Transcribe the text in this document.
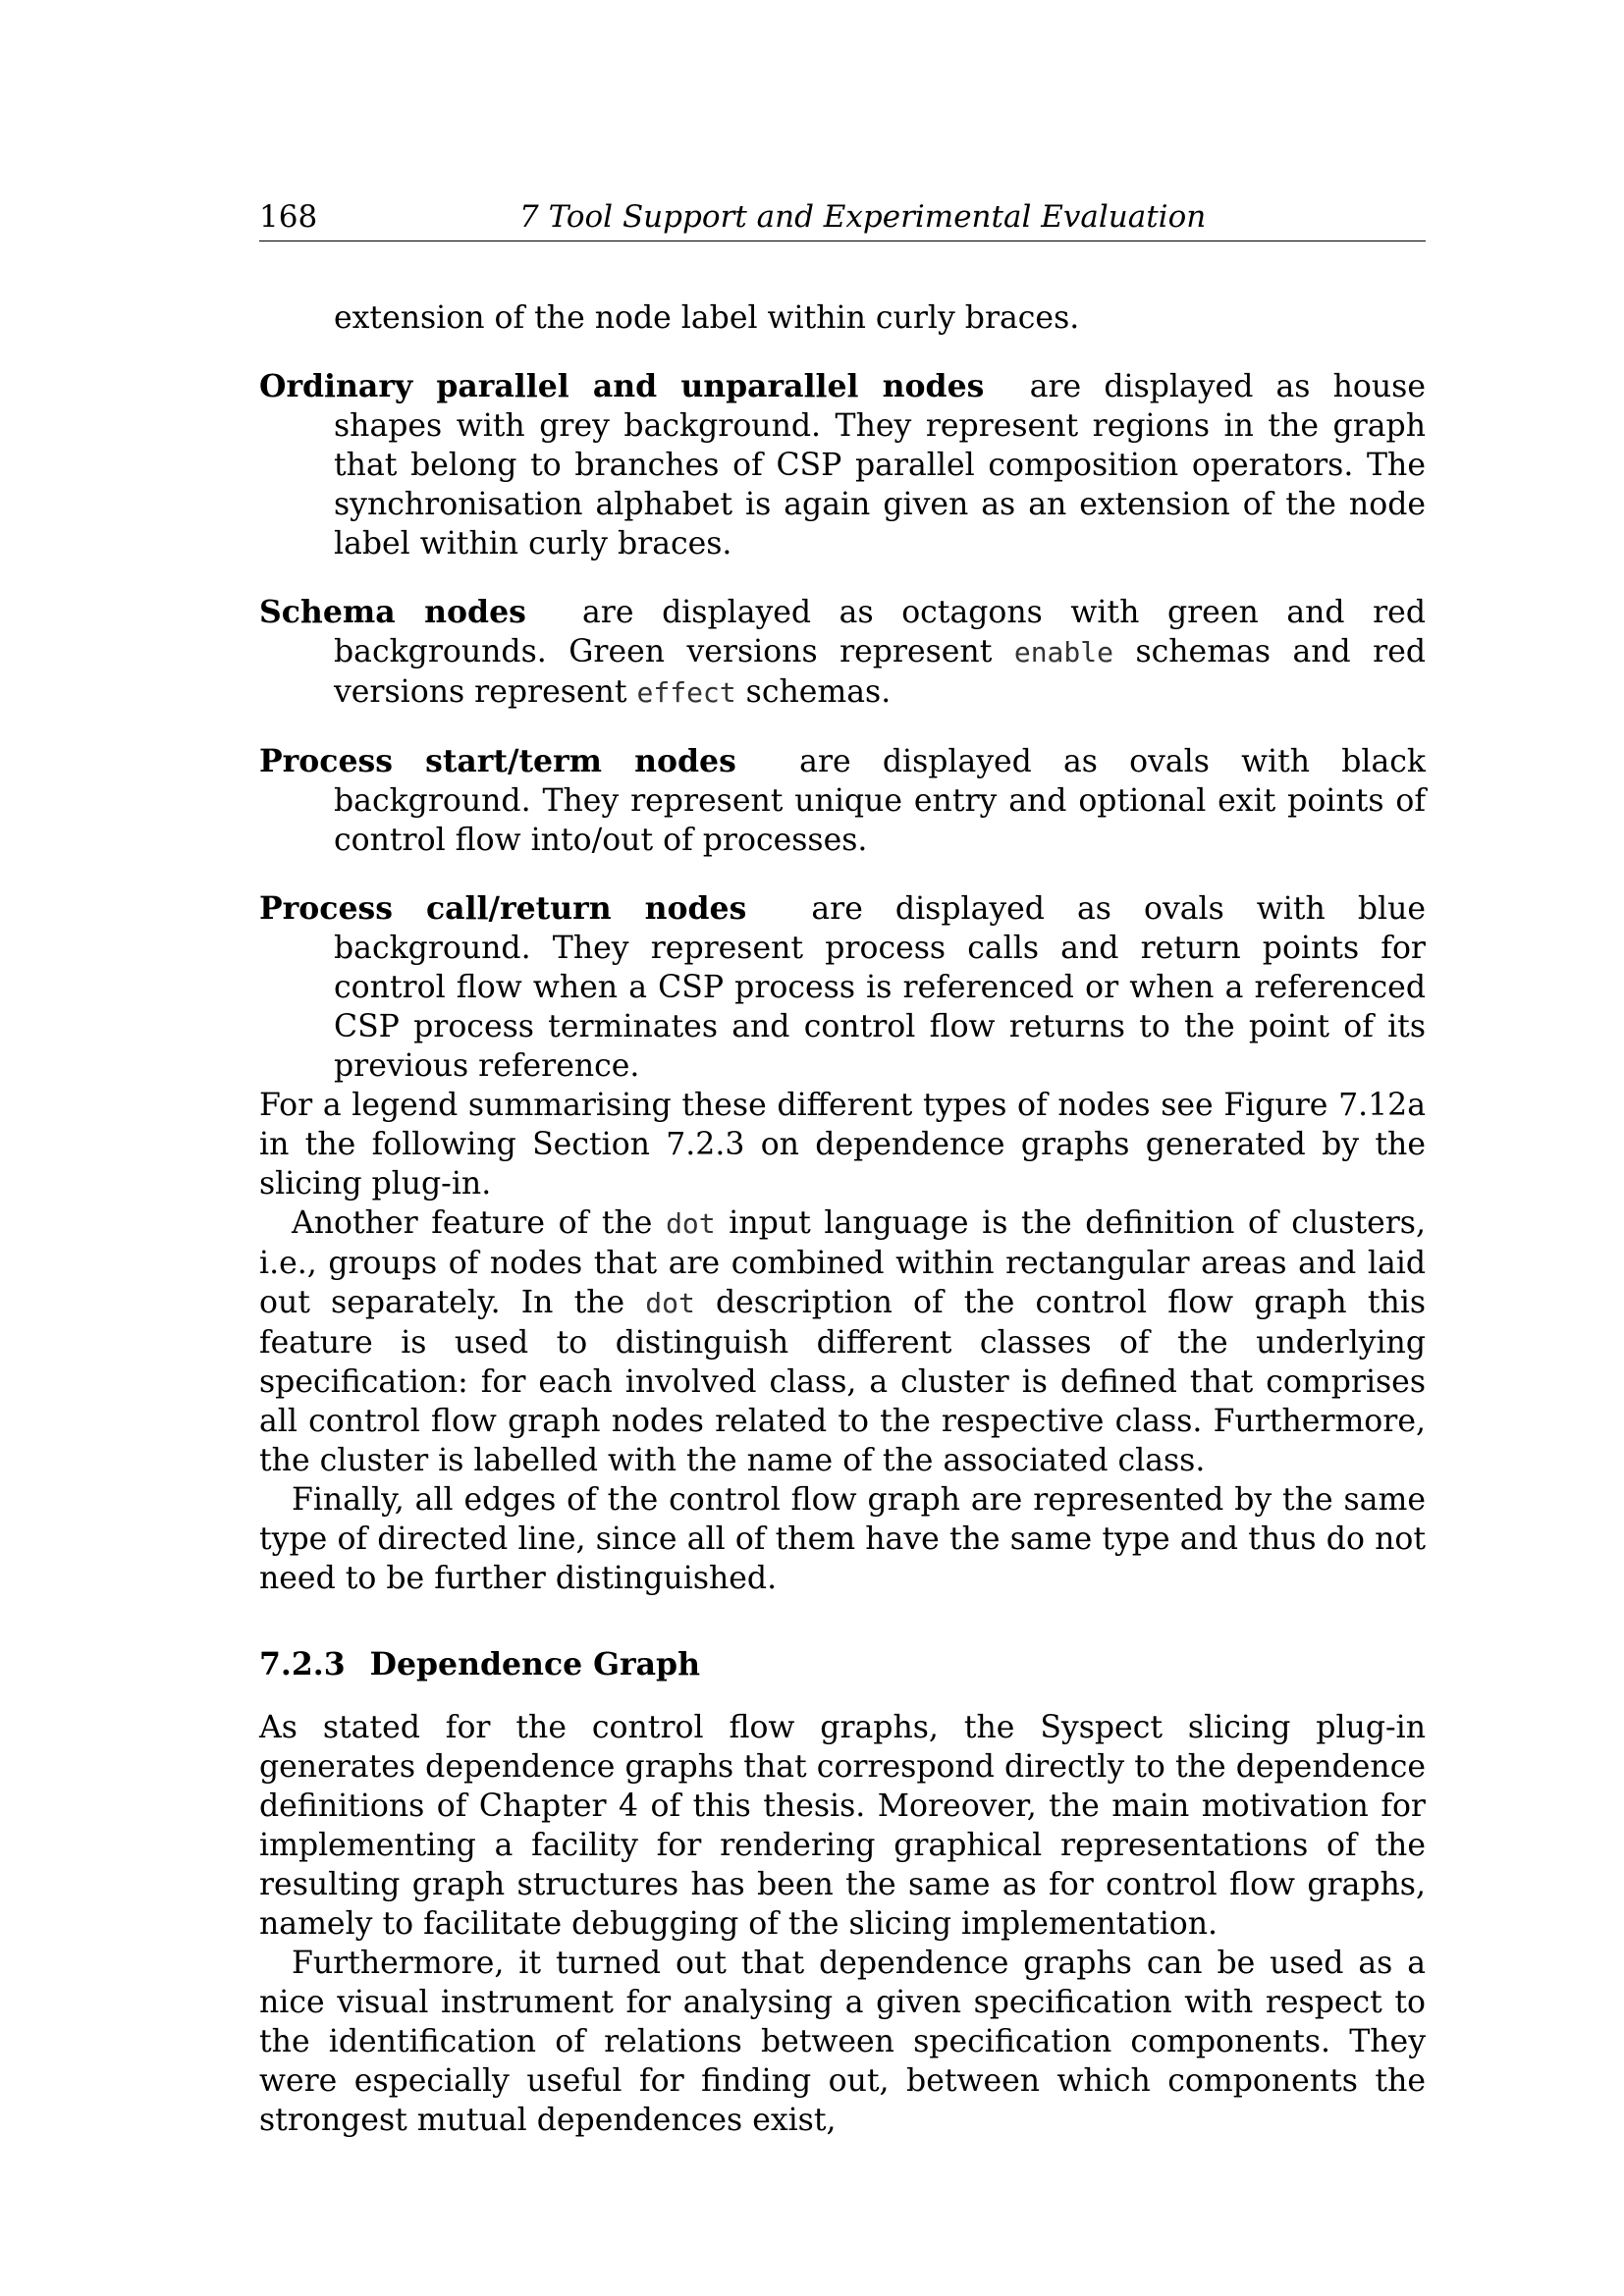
168	7 Tool Support and Experimental Evaluation

extension of the node label within curly braces.

Ordinary parallel and unparallel nodes are displayed as house shapes with grey background. They represent regions in the graph that belong to branches of CSP parallel composition operators. The synchronisation alphabet is again given as an extension of the node label within curly braces.

Schema nodes are displayed as octagons with green and red backgrounds. Green versions represent enable schemas and red versions represent effect schemas.

Process start/term nodes are displayed as ovals with black background. They represent unique entry and optional exit points of control flow into/out of processes.

Process call/return nodes are displayed as ovals with blue background. They represent process calls and return points for control flow when a CSP process is referenced or when a referenced CSP process terminates and control flow returns to the point of its previous reference.

For a legend summarising these different types of nodes see Figure 7.12a in the following Section 7.2.3 on dependence graphs generated by the slicing plug-in.

Another feature of the dot input language is the definition of clusters, i.e., groups of nodes that are combined within rectangular areas and laid out separately. In the dot description of the control flow graph this feature is used to distinguish different classes of the underlying specification: for each involved class, a cluster is defined that comprises all control flow graph nodes related to the respective class. Furthermore, the cluster is labelled with the name of the associated class.

Finally, all edges of the control flow graph are represented by the same type of directed line, since all of them have the same type and thus do not need to be further distinguished.

7.2.3 Dependence Graph

As stated for the control flow graphs, the Syspect slicing plug-in generates dependence graphs that correspond directly to the dependence definitions of Chapter 4 of this thesis. Moreover, the main motivation for implementing a facility for rendering graphical representations of the resulting graph structures has been the same as for control flow graphs, namely to facilitate debugging of the slicing implementation.

Furthermore, it turned out that dependence graphs can be used as a nice visual instrument for analysing a given specification with respect to the identification of relations between specification components. They were especially useful for finding out, between which components the strongest mutual dependences exist,
